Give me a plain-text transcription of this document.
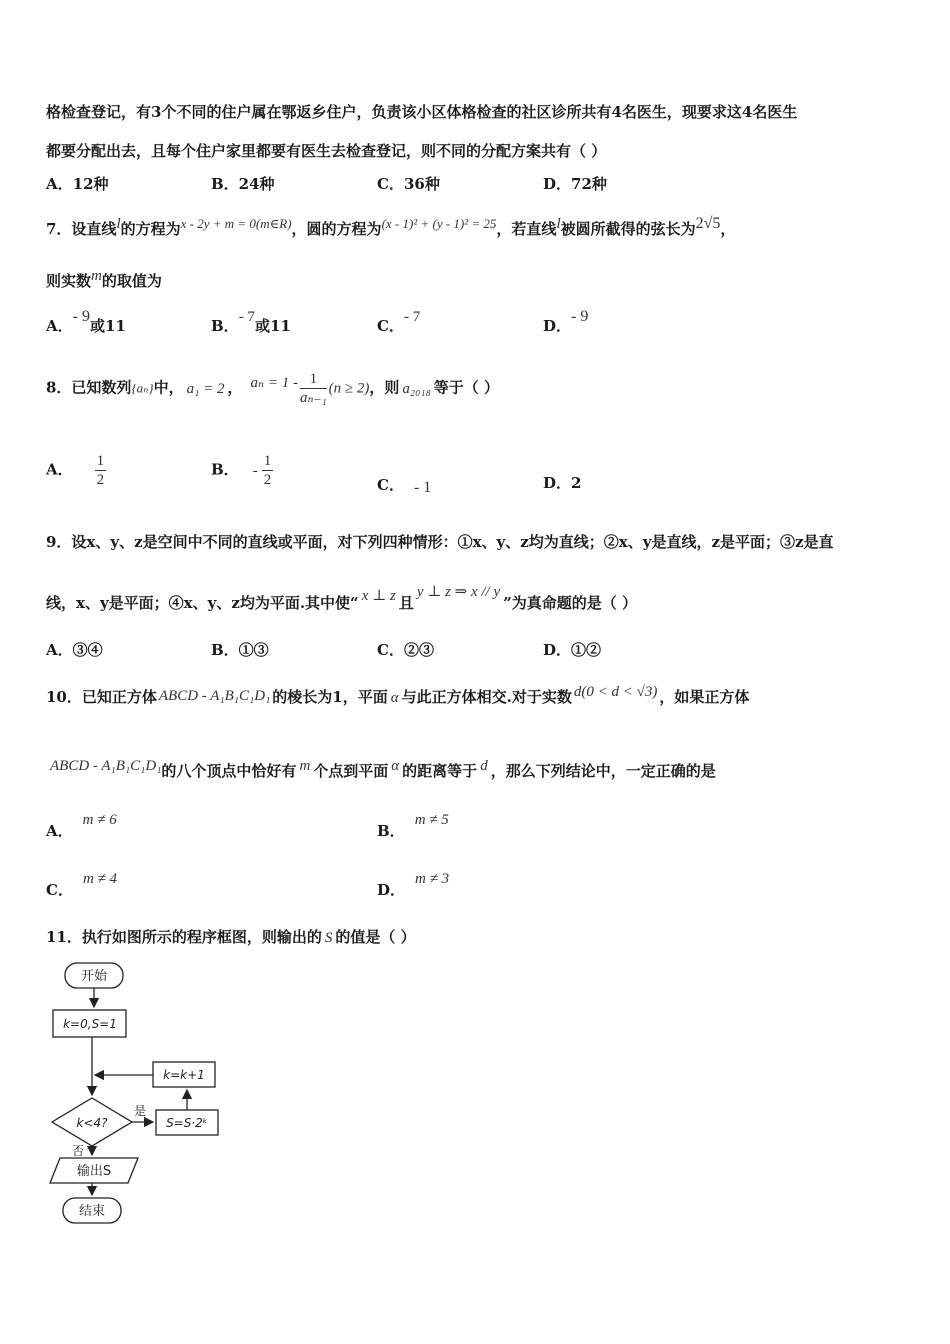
格检查登记，有3个不同的住户属在鄂返乡住户，负责该小区体格检查的社区诊所共有4名医生，现要求这4名医生
都要分配出去，且每个住户家里都要有医生去检查登记，则不同的分配方案共有（ ）
A．12种	B．24种	C．36种	D．72种
7．设直线l的方程为x - 2y + m = 0(m∈R)，圆的方程为(x - 1)² + (y - 1)² = 25，若直线l被圆所截得的弦长为2√5，
则实数m的取值为
A．- 9或11	B．- 7或11	C．- 7	D．- 9
8．已知数列{aₙ}中， a₁ = 2 ， $a_n = 1 - \frac{1}{\text{aₙ₋₁}} (n \ge 2)$，则 a₂₀₁₈ 等于（ ）
A． $\frac{1}{2}$	B． - $\frac{1}{2}$	C． - 1	D．2
9．设x、y、z是空间中不同的直线或平面，对下列四种情形：①x、y、z均为直线；②x、y是直线，z是平面；③z是直
线，x、y是平面；④x、y、z均为平面.其中使“ x ⊥ z 且y ⊥ z ⇒ x // y”为真命题的是（ ）
A．③④	B．①③	C．②③	D．①②
10．已知正方体 ABCD - A₁B₁C₁D₁ 的棱长为1，平面 α 与此正方体相交.对于实数 d(0 < d < √3) ，如果正方体
ABCD - A₁B₁C₁D₁的八个顶点中恰好有 m 个点到平面 α 的距离等于 d ，那么下列结论中，一定正确的是
A．m ≠ 6
B．m ≠ 5
C．m ≠ 4
D．m ≠ 3
11．执行如图所示的程序框图，则输出的 S 的值是（ ）
开始
k=0,S=1
k<4?
是
否
S=S·2ᵏ
k=k+1
输出S
结束
